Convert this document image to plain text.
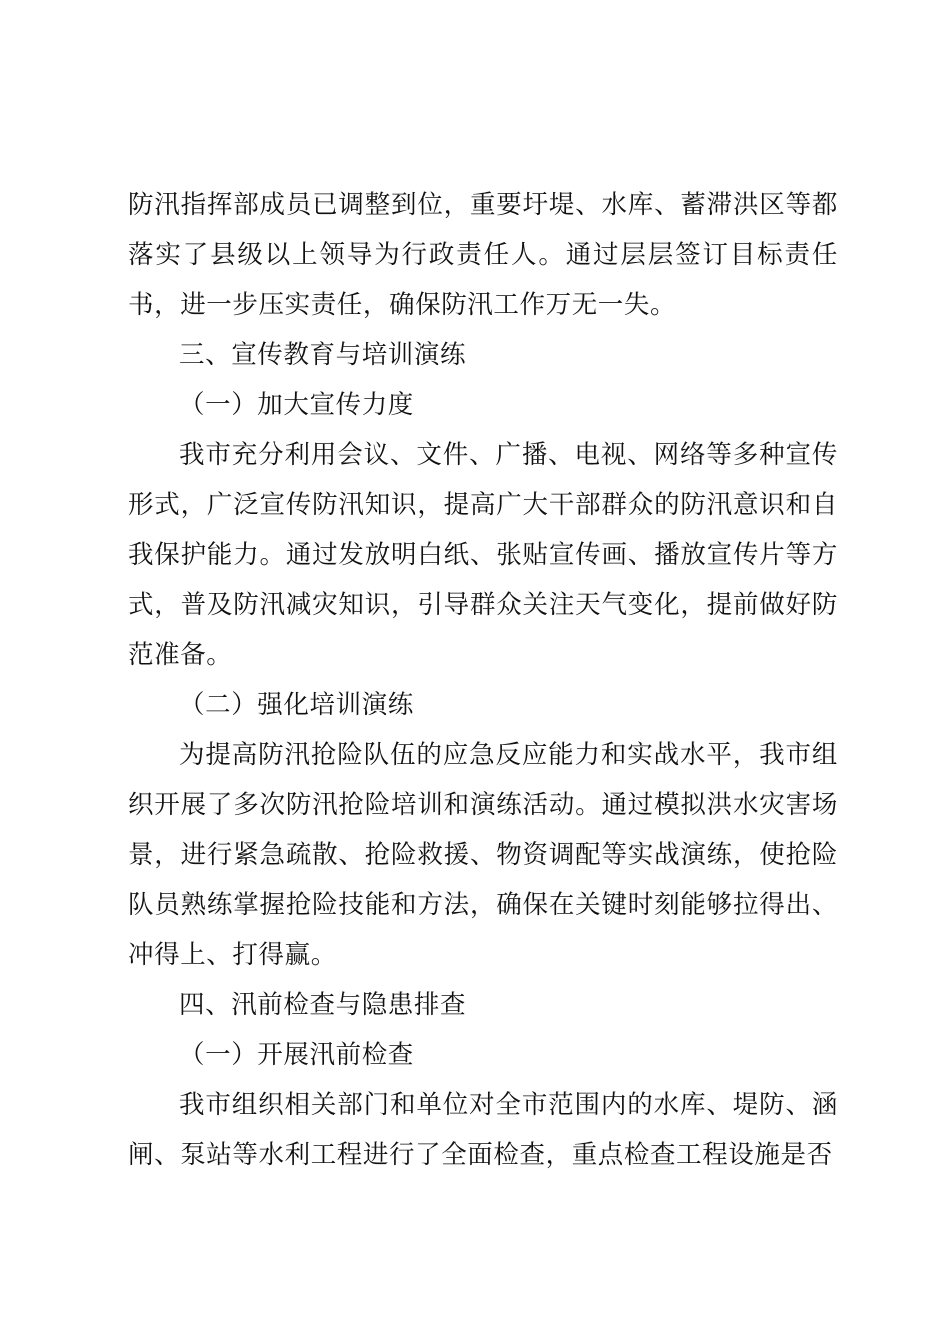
防汛指挥部成员已调整到位，重要圩堤、水库、蓄滞洪区等都落实了县级以上领导为行政责任人。通过层层签订目标责任书，进一步压实责任，确保防汛工作万无一失。

三、宣传教育与培训演练

（一）加大宣传力度

我市充分利用会议、文件、广播、电视、网络等多种宣传形式，广泛宣传防汛知识，提高广大干部群众的防汛意识和自我保护能力。通过发放明白纸、张贴宣传画、播放宣传片等方式，普及防汛减灾知识，引导群众关注天气变化，提前做好防范准备。

（二）强化培训演练

为提高防汛抢险队伍的应急反应能力和实战水平，我市组织开展了多次防汛抢险培训和演练活动。通过模拟洪水灾害场景，进行紧急疏散、抢险救援、物资调配等实战演练，使抢险队员熟练掌握抢险技能和方法，确保在关键时刻能够拉得出、冲得上、打得赢。

四、汛前检查与隐患排查

（一）开展汛前检查

我市组织相关部门和单位对全市范围内的水库、堤防、涵闸、泵站等水利工程进行了全面检查，重点检查工程设施是否
